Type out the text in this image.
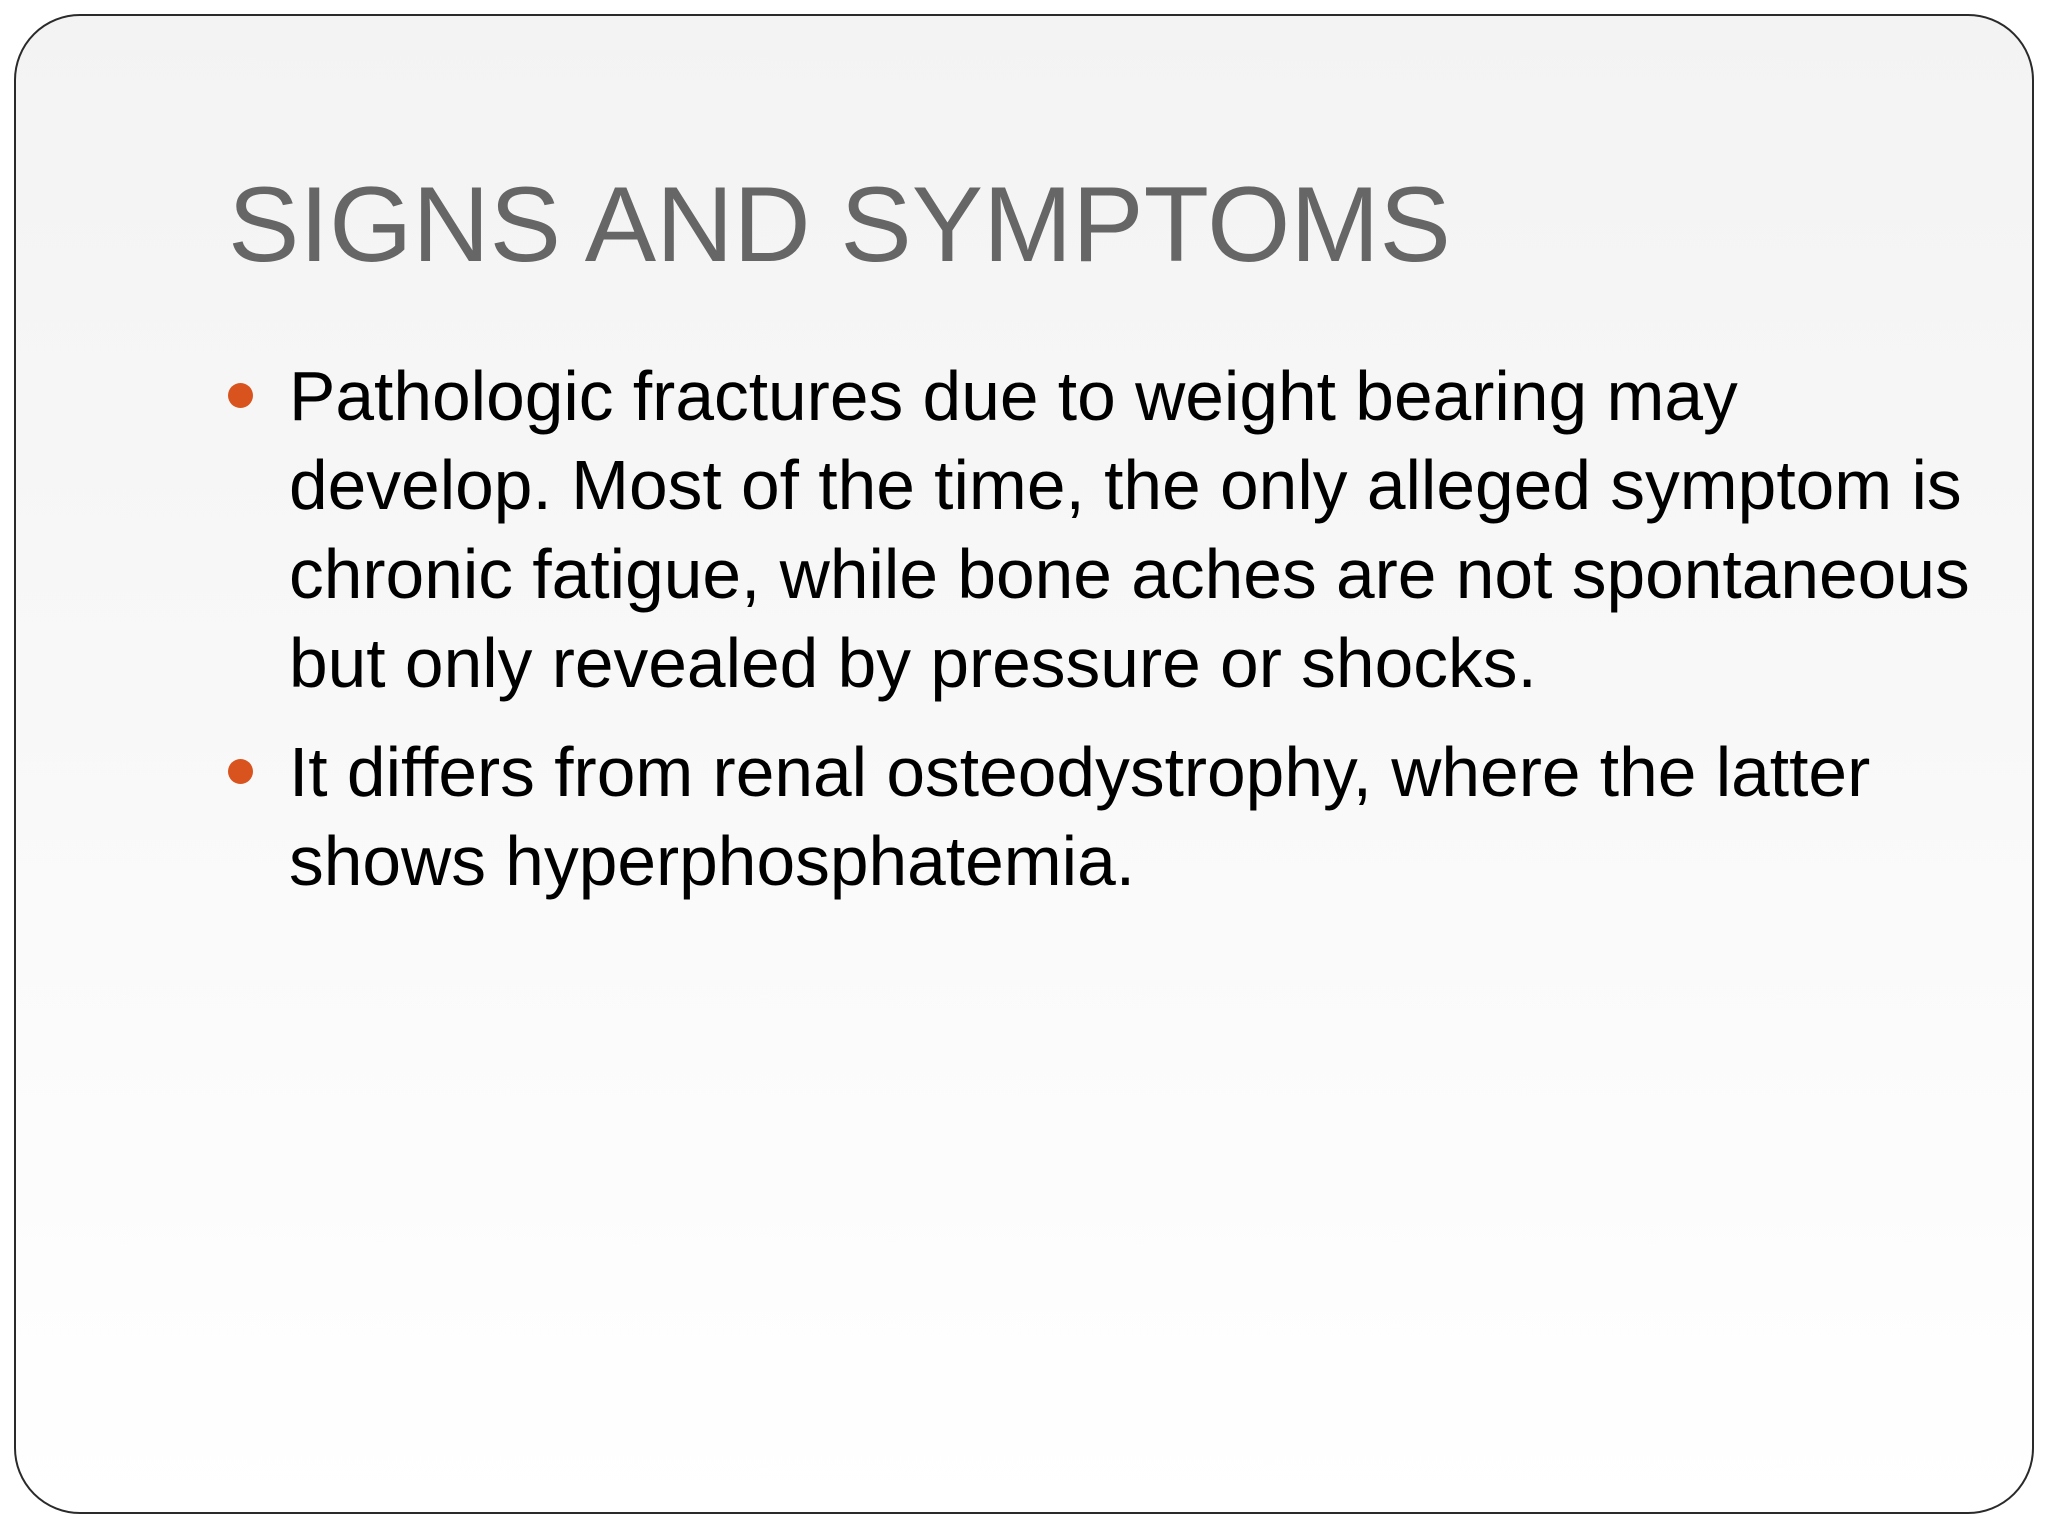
SIGNS AND SYMPTOMS
Pathologic fractures due to weight bearing may develop. Most of the time, the only alleged symptom is chronic fatigue, while bone aches are not spontaneous but only revealed by pressure or shocks.
It differs from renal osteodystrophy, where the latter shows hyperphosphatemia.
